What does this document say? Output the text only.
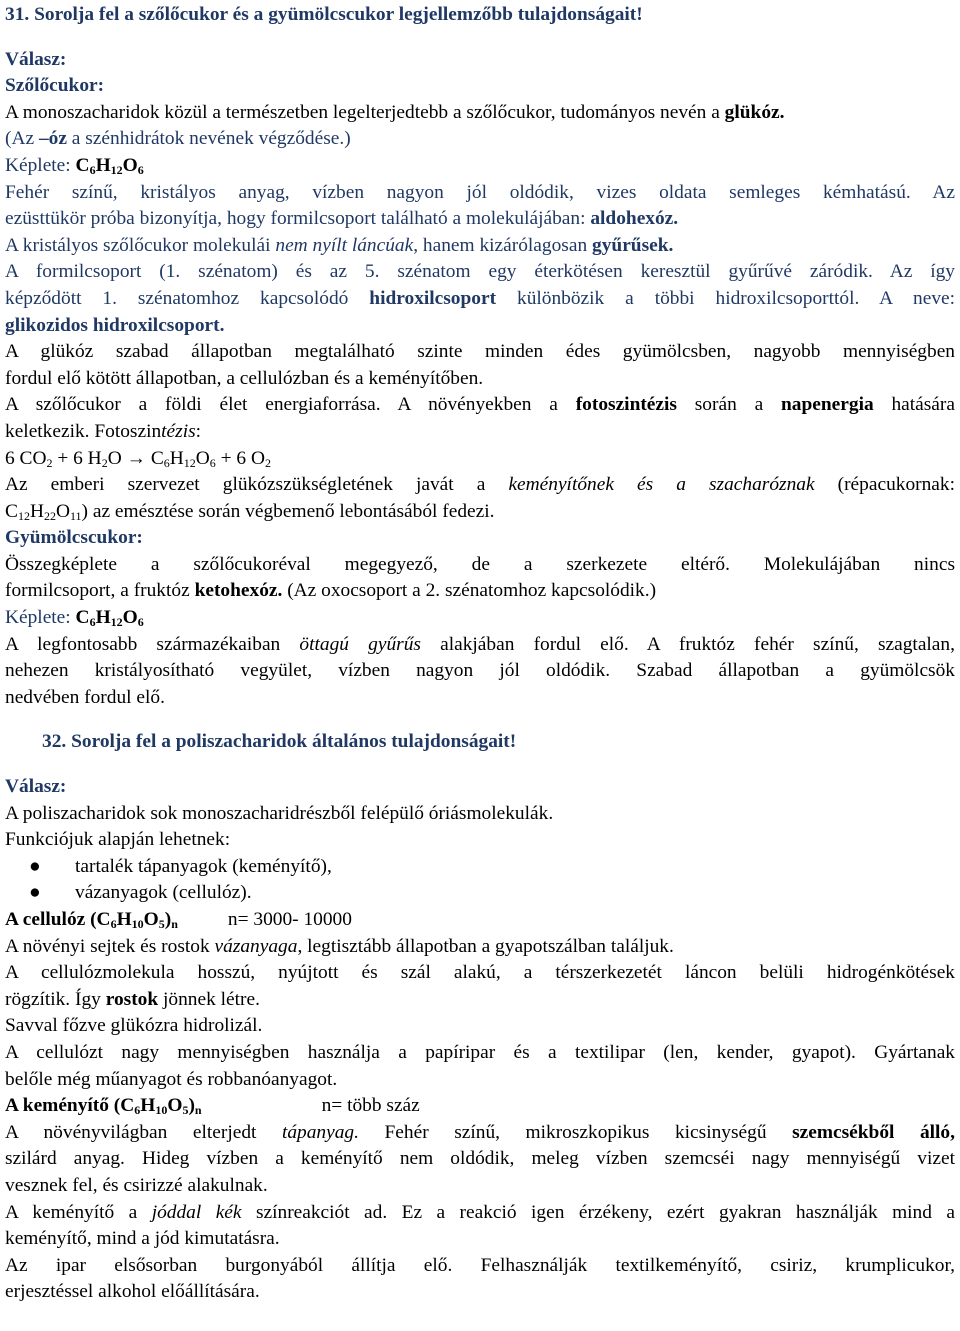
31. Sorolja fel a szőlőcukor és a gyümölcscukor legjellemzőbb tulajdonságait!
Válasz:
Szőlőcukor:
A monoszacharidok közül a természetben legelterjedtebb a szőlőcukor, tudományos nevén a glükóz.
(Az –óz a szénhidrátok nevének végződése.)
Képlete: $C_6H_{12}O_6$
Fehér színű, kristályos anyag, vízben nagyon jól oldódik, vizes oldata semleges kémhatású. Az
ezüsttükör próba bizonyítja, hogy formilcsoport található a molekulájában: aldohexóz.
A kristályos szőlőcukor molekulái nem nyílt láncúak, hanem kizárólagosan gyűrűsek.
A formilcsoport (1. szénatom) és az 5. szénatom egy éterkötésen keresztül gyűrűvé záródik. Az így
képződött 1. szénatomhoz kapcsolódó hidroxilcsoport különbözik a többi hidroxilcsoporttól. A neve:
glikozidos hidroxilcsoport.
A glükóz szabad állapotban megtalálható szinte minden édes gyümölcsben, nagyobb mennyiségben
fordul elő kötött állapotban, a cellulózban és a keményítőben.
A szőlőcukor a földi élet energiaforrása. A növényekben a fotoszintézis során a napenergia hatására
keletkezik. Fotoszintézis:
6 $CO_2 + 6$ $H_2O \to C_6H_{12}O_6 + 6$ $O_2$
Az emberi szervezet glükózszükségletének javát a keményítőnek és a szacharóznak (répacukornak:
$C_{12}H_{22}O_{11}$) az emésztése során végbemenő lebontásából fedezi.
Gyümölcscukor:
Összegképlete a szőlőcukoréval megegyező, de a szerkezete eltérő. Molekulájában nincs
formilcsoport, a fruktóz ketohexóz. (Az oxocsoport a 2. szénatomhoz kapcsolódik.)
Képlete: $C_6H_{12}O_6$
A legfontosabb származékaiban öttagú gyűrűs alakjában fordul elő. A fruktóz fehér színű, szagtalan,
nehezen kristályosítható vegyület, vízben nagyon jól oldódik. Szabad állapotban a gyümölcsök
nedvében fordul elő.
32. Sorolja fel a poliszacharidok általános tulajdonságait!
Válasz:
A poliszacharidok sok monoszacharidrészből felépülő óriásmolekulák.
Funkciójuk alapján lehetnek:
● tartalék tápanyagok (keményítő),
● vázanyagok (cellulóz).
A cellulóz $(C_6H_{10}O_5)_n$	n= 3000- 10000
A növényi sejtek és rostok vázanyaga, legtisztább állapotban a gyapotszálban találjuk.
A cellulózmolekula hosszú, nyújtott és szál alakú, a térszerkezetét láncon belüli hidrogénkötések
rögzítik. Így rostok jönnek létre.
Savval főzve glükózra hidrolizál.
A cellulózt nagy mennyiségben használja a papíripar és a textilipar (len, kender, gyapot). Gyártanak
belőle még műanyagot és robbanóanyagot.
A keményítő $(C_6H_{10}O_5)_n$	n= több száz
A növényvilágban elterjedt tápanyag. Fehér színű, mikroszkopikus kicsinységű szemcsékből álló,
szilárd anyag. Hideg vízben a keményítő nem oldódik, meleg vízben szemcséi nagy mennyiségű vizet
vesznek fel, és csirizzé alakulnak.
A keményítő a jóddal kék színreakciót ad. Ez a reakció igen érzékeny, ezért gyakran használják mind a
keményítő, mind a jód kimutatásra.
Az ipar elsősorban burgonyából állítja elő. Felhasználják textilkeményítő, csiriz, krumplicukor,
erjesztéssel alkohol előállítására.
